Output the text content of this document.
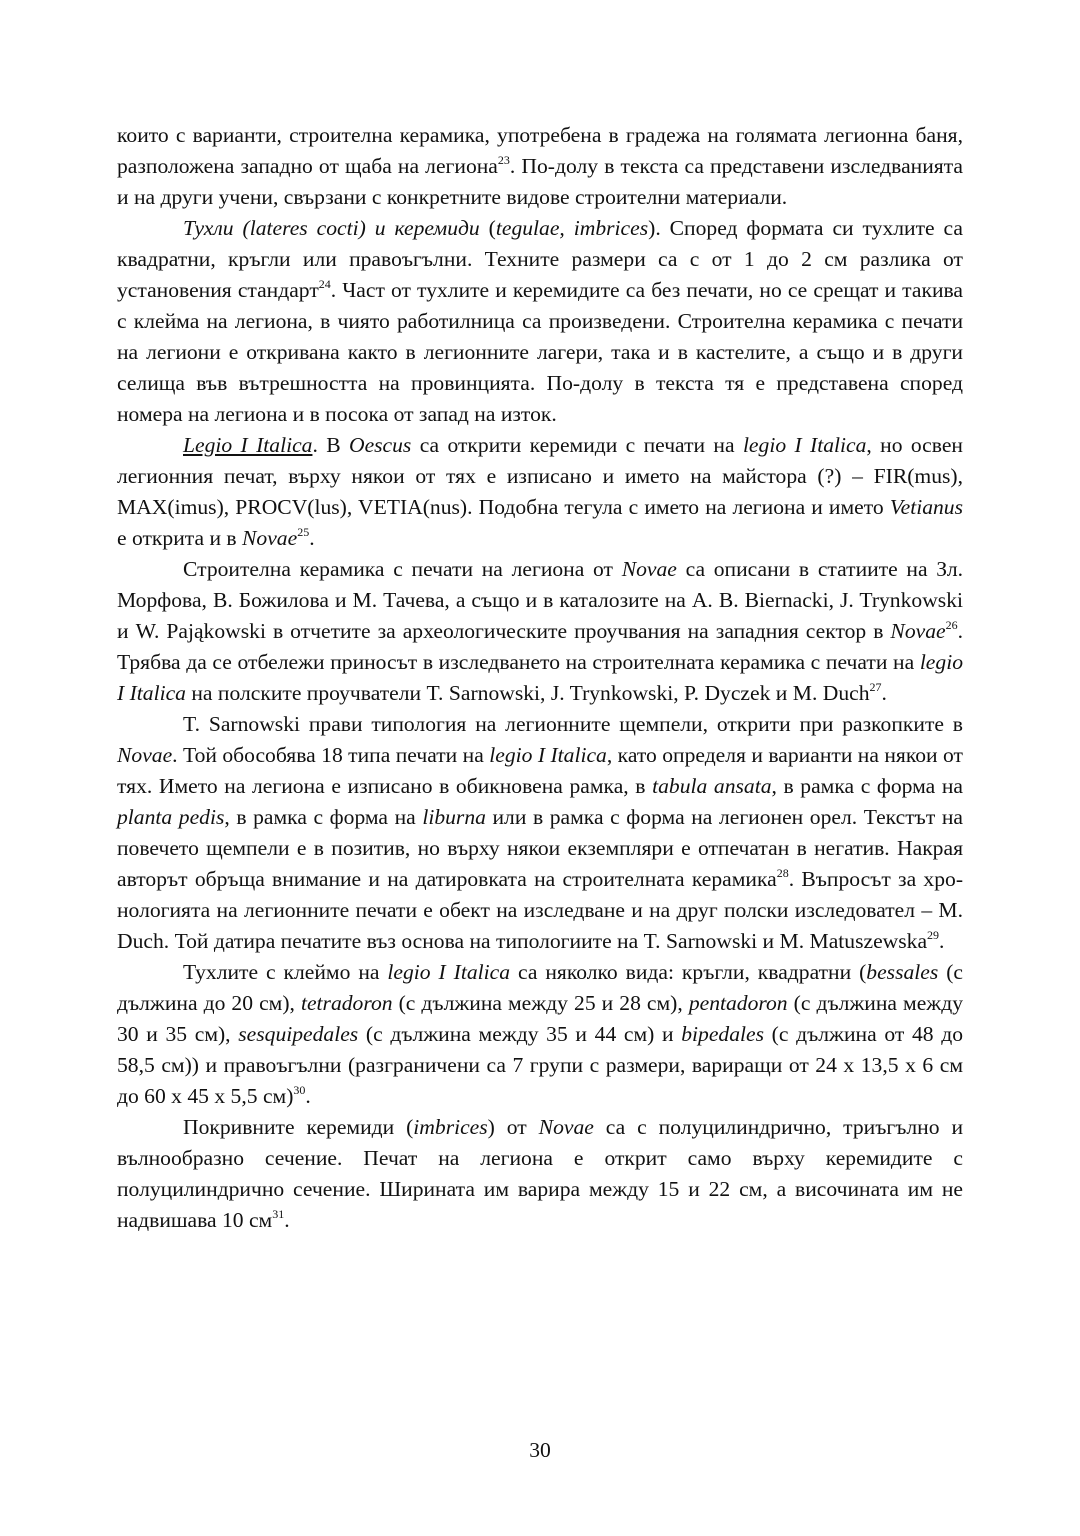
които с варианти, строителна керамика, употребена в градежа на голямата легионна баня, разположена западно от щаба на легиона$^{23}$. По-долу в текста са представени изследванията и на други учени, свързани с конкретните видове строителни материали.

Тухли (lateres cocti) и керемиди (tegulae, imbrices). Според формата си тухлите са квадратни, кръгли или правоъгълни. Техните размери са с от 1 до 2 см разлика от установения стандарт$^{24}$. Част от тухлите и керемидите са без печати, но се срещат и такива с клейма на легиона, в чиято работилница са произведени. Строителна керамика с печати на легиони е откривана както в легионните лагери, така и в кастелите, а също и в други селища във вътрешността на провинцията. По-долу в текста тя е представена според номера на легиона и в посока от запад на изток.

Legio I Italica. В Oescus са открити керемиди с печати на legio I Italica, но освен легионния печат, върху някои от тях е изписано и името на майстора (?) – FIR(mus), MAX(imus), PROCV(lus), VETIA(nus). Подобна тегула с името на легиона и името Vetianus е открита и в Novae$^{25}$.

Строителна керамика с печати на легиона от Novae са описани в статиите на Зл. Морфова, В. Божилова и М. Тачева, а също и в каталозите на A. B. Biernacki, J. Trynkowski и W. Pająkowski в отчетите за археологическите проучвания на западния сектор в Novae$^{26}$. Трябва да се отбележи приносът в изследването на строителната керамика с печати на legio I Italica на полските проучватели T. Sarnowski, J. Trynkowski, P. Dyczek и M. Duch$^{27}$.

T. Sarnowski прави типология на легионните щемпели, открити при разкопките в Novae. Той обособява 18 типа печати на legio I Italica, като определя и варианти на някои от тях. Името на легиона е изписано в обикновена рамка, в tabula ansata, в рамка с форма на planta pedis, в рамка с форма на liburna или в рамка с форма на легионен орел. Текстът на повечето щемпели е в позитив, но върху някои екземпляри е отпечатан в негатив. Накрая авторът обръща внимание и на датировката на строителната керамика$^{28}$. Въпросът за хронологията на легионните печати е обект на изследване и на друг полски изследовател – M. Duch. Той датира печатите въз основа на типологиите на T. Sarnowski и M. Matuszewska$^{29}$.

Тухлите с клеймо на legio I Italica са няколко вида: кръгли, квадратни (bessales (с дължина до 20 см), tetradoron (с дължина между 25 и 28 см), pentadoron (с дължина между 30 и 35 см), sesquipedales (с дължина между 35 и 44 см) и bipedales (с дължина от 48 до 58,5 см)) и правоъгълни (разграничени са 7 групи с размери, вариращи от 24 х 13,5 х 6 см до 60 х 45 х 5,5 см)$^{30}$.

Покривните керемиди (imbrices) от Novae са с полуцилиндрично, триъгълно и вълнообразно сечение. Печат на легиона е открит само върху керемидите с полуцилиндрично сечение. Ширината им варира между 15 и 22 см, а височината им не надвишава 10 $см^{31}$.

30
